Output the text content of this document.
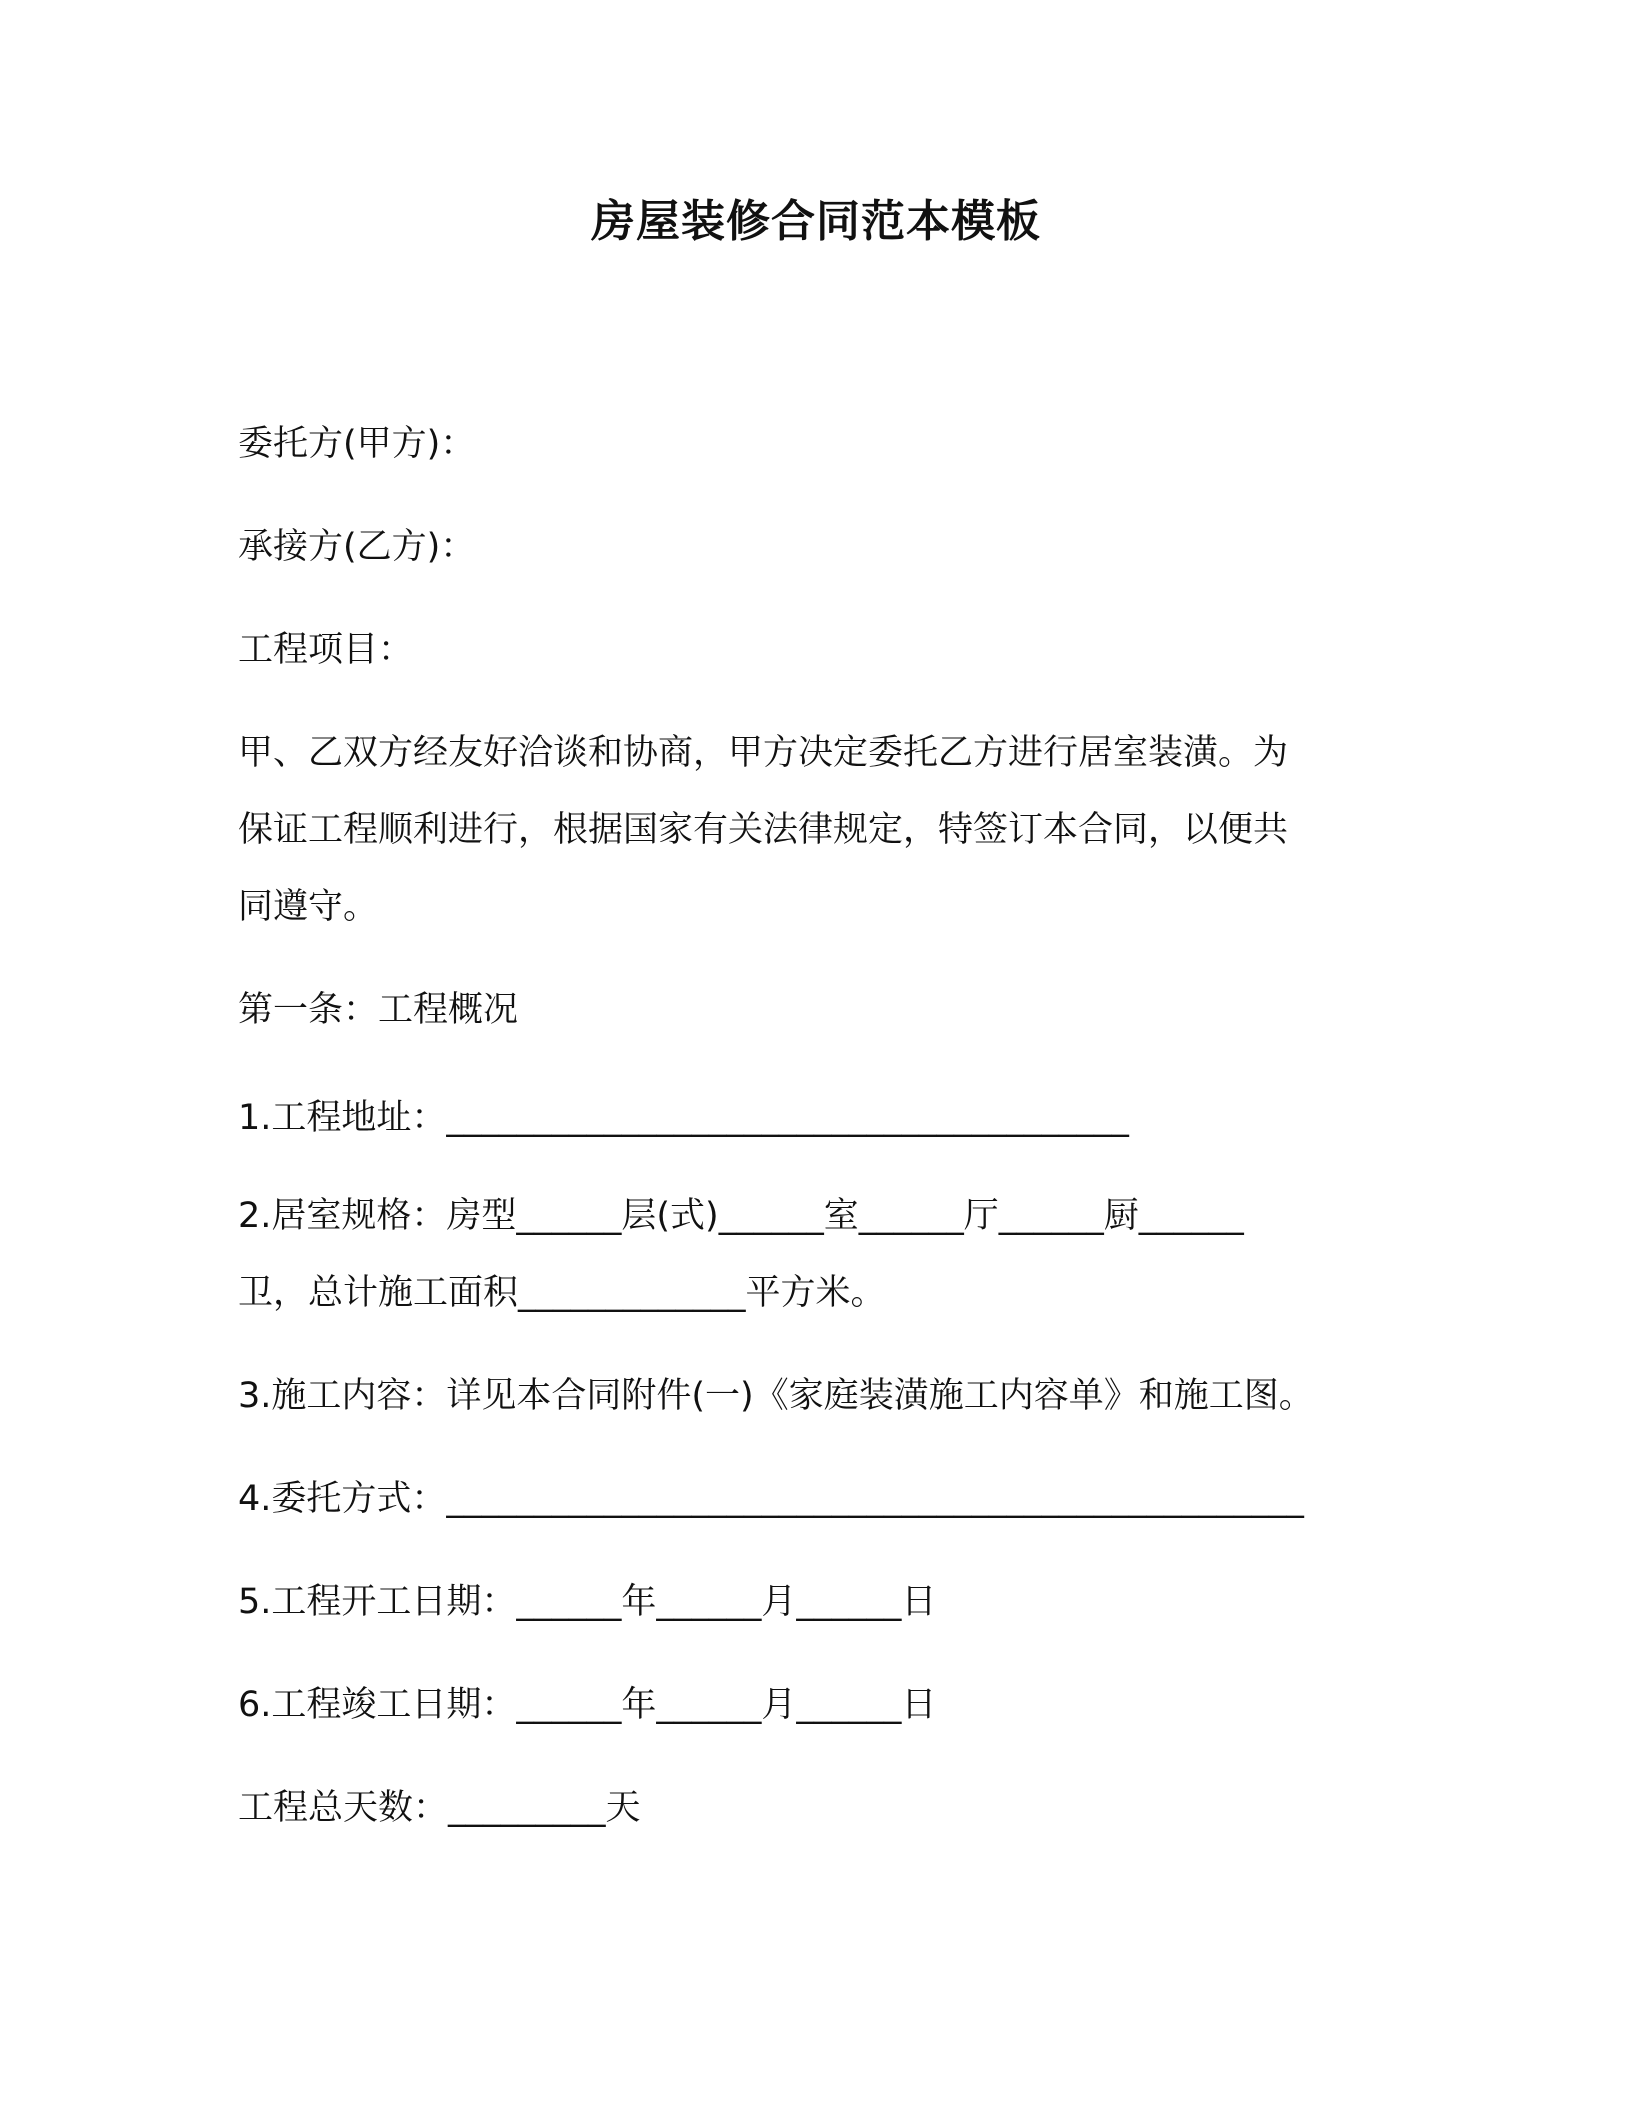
房屋装修合同范本模板
委托方(甲方)：
承接方(乙方)：
工程项目：
甲、乙双方经友好洽谈和协商，甲方决定委托乙方进行居室装潢。为
保证工程顺利进行，根据国家有关法律规定，特签订本合同，以便共
同遵守。
第一条：工程概况
1.工程地址：_______________________________________
2.居室规格：房型______层(式)______室______厅______厨______
卫，总计施工面积_____________平方米。
3.施工内容：详见本合同附件(一)《家庭装潢施工内容单》和施工图。
4.委托方式：_________________________________________________
5.工程开工日期：______年______月______日
6.工程竣工日期：______年______月______日
工程总天数：_________天
